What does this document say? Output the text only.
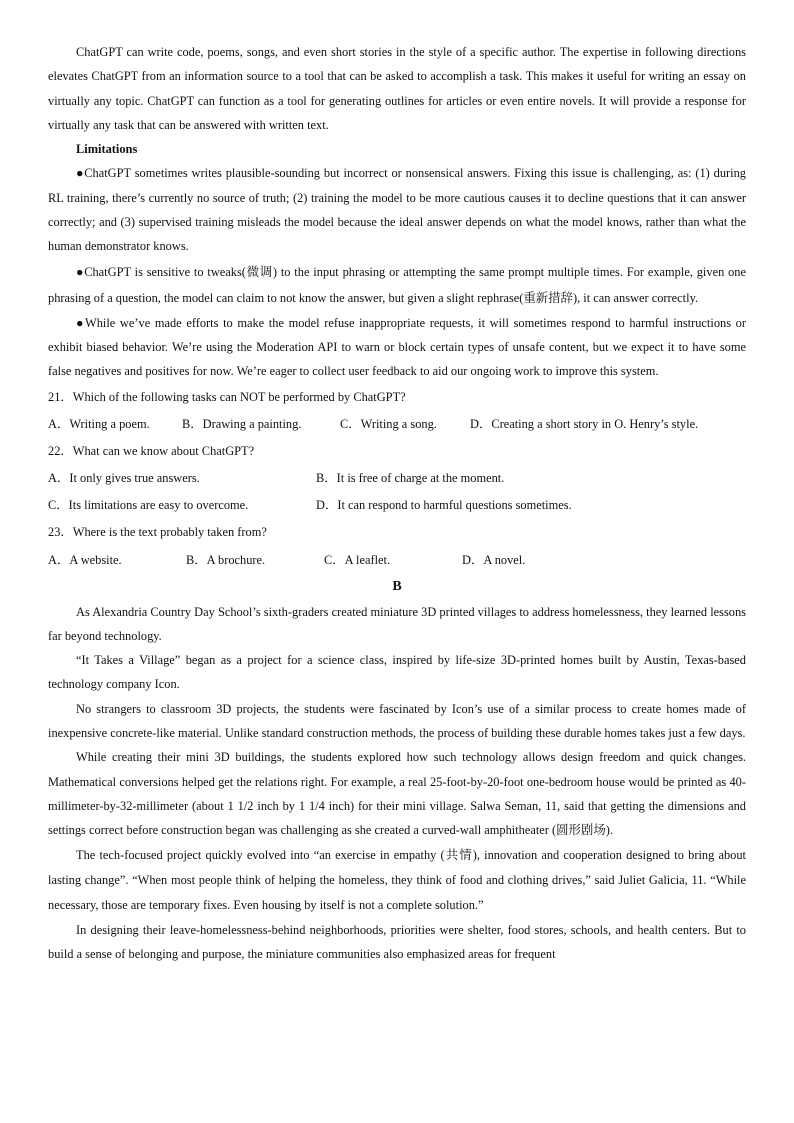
ChatGPT can write code, poems, songs, and even short stories in the style of a specific author. The expertise in following directions elevates ChatGPT from an information source to a tool that can be asked to accomplish a task. This makes it useful for writing an essay on virtually any topic. ChatGPT can function as a tool for generating outlines for articles or even entire novels. It will provide a response for virtually any task that can be answered with written text.

Limitations

●ChatGPT sometimes writes plausible-sounding but incorrect or nonsensical answers. Fixing this issue is challenging, as: (1) during RL training, there’s currently no source of truth; (2) training the model to be more cautious causes it to decline questions that it can answer correctly; and (3) supervised training misleads the model because the ideal answer depends on what the model knows, rather than what the human demonstrator knows.

●ChatGPT is sensitive to tweaks(微调) to the input phrasing or attempting the same prompt multiple times. For example, given one phrasing of a question, the model can claim to not know the answer, but given a slight rephrase(重新措辞), it can answer correctly.

●While we’ve made efforts to make the model refuse inappropriate requests, it will sometimes respond to harmful instructions or exhibit biased behavior. We’re using the Moderation API to warn or block certain types of unsafe content, but we expect it to have some false negatives and positives for now. We’re eager to collect user feedback to aid our ongoing work to improve this system.

21．Which of the following tasks can NOT be performed by ChatGPT?

A．Writing a poem.	B．Drawing a painting.	C．Writing a song.	D．Creating a short story in O. Henry’s style.

22．What can we know about ChatGPT?

A．It only gives true answers.	B．It is free of charge at the moment.
C．Its limitations are easy to overcome.	D．It can respond to harmful questions sometimes.

23．Where is the text probably taken from?

A．A website.	B．A brochure.	C．A leaflet.	D．A novel.

B

As Alexandria Country Day School’s sixth-graders created miniature 3D printed villages to address homelessness, they learned lessons far beyond technology.

“It Takes a Village” began as a project for a science class, inspired by life-size 3D-printed homes built by Austin, Texas-based technology company Icon.

No strangers to classroom 3D projects, the students were fascinated by Icon’s use of a similar process to create homes made of inexpensive concrete-like material. Unlike standard construction methods, the process of building these durable homes takes just a few days.

While creating their mini 3D buildings, the students explored how such technology allows design freedom and quick changes. Mathematical conversions helped get the relations right. For example, a real 25-foot-by-20-foot one-bedroom house would be printed as 40-millimeter-by-32-millimeter (about 1 1/2 inch by 1 1/4 inch) for their mini village. Salwa Seman, 11, said that getting the dimensions and settings correct before construction began was challenging as she created a curved-wall amphitheater (圆形剧场).

The tech-focused project quickly evolved into “an exercise in empathy (共情), innovation and cooperation designed to bring about lasting change”. “When most people think of helping the homeless, they think of food and clothing drives,” said Juliet Galicia, 11. “While necessary, those are temporary fixes. Even housing by itself is not a complete solution.”

In designing their leave-homelessness-behind neighborhoods, priorities were shelter, food stores, schools, and health centers. But to build a sense of belonging and purpose, the miniature communities also emphasized areas for frequent
